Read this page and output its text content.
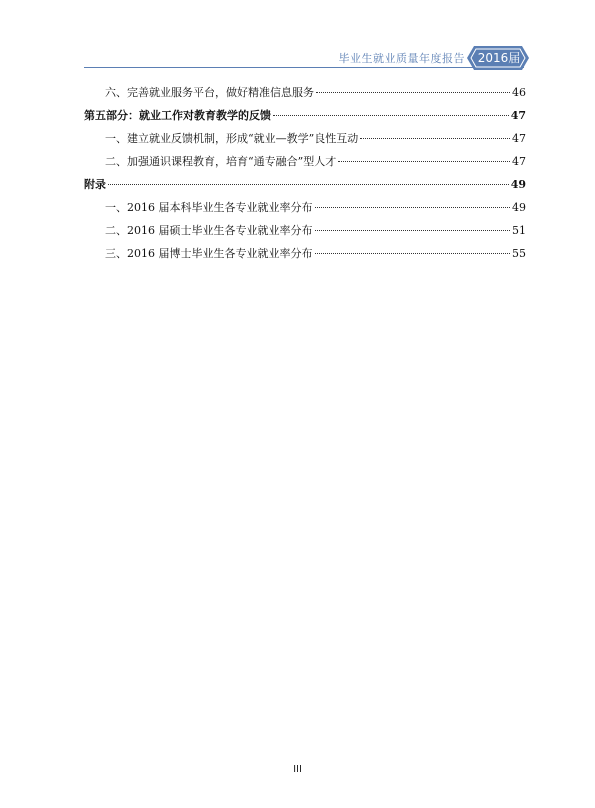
毕业生就业质量年度报告	2016届
六、完善就业服务平台，做好精准信息服务	46
第五部分：就业工作对教育教学的反馈	47
一、建立就业反馈机制，形成“就业—教学”良性互动	47
二、加强通识课程教育，培育“通专融合”型人才	47
附录	49
一、2016 届本科毕业生各专业就业率分布	49
二、2016 届硕士毕业生各专业就业率分布	51
三、2016 届博士毕业生各专业就业率分布	55
III
